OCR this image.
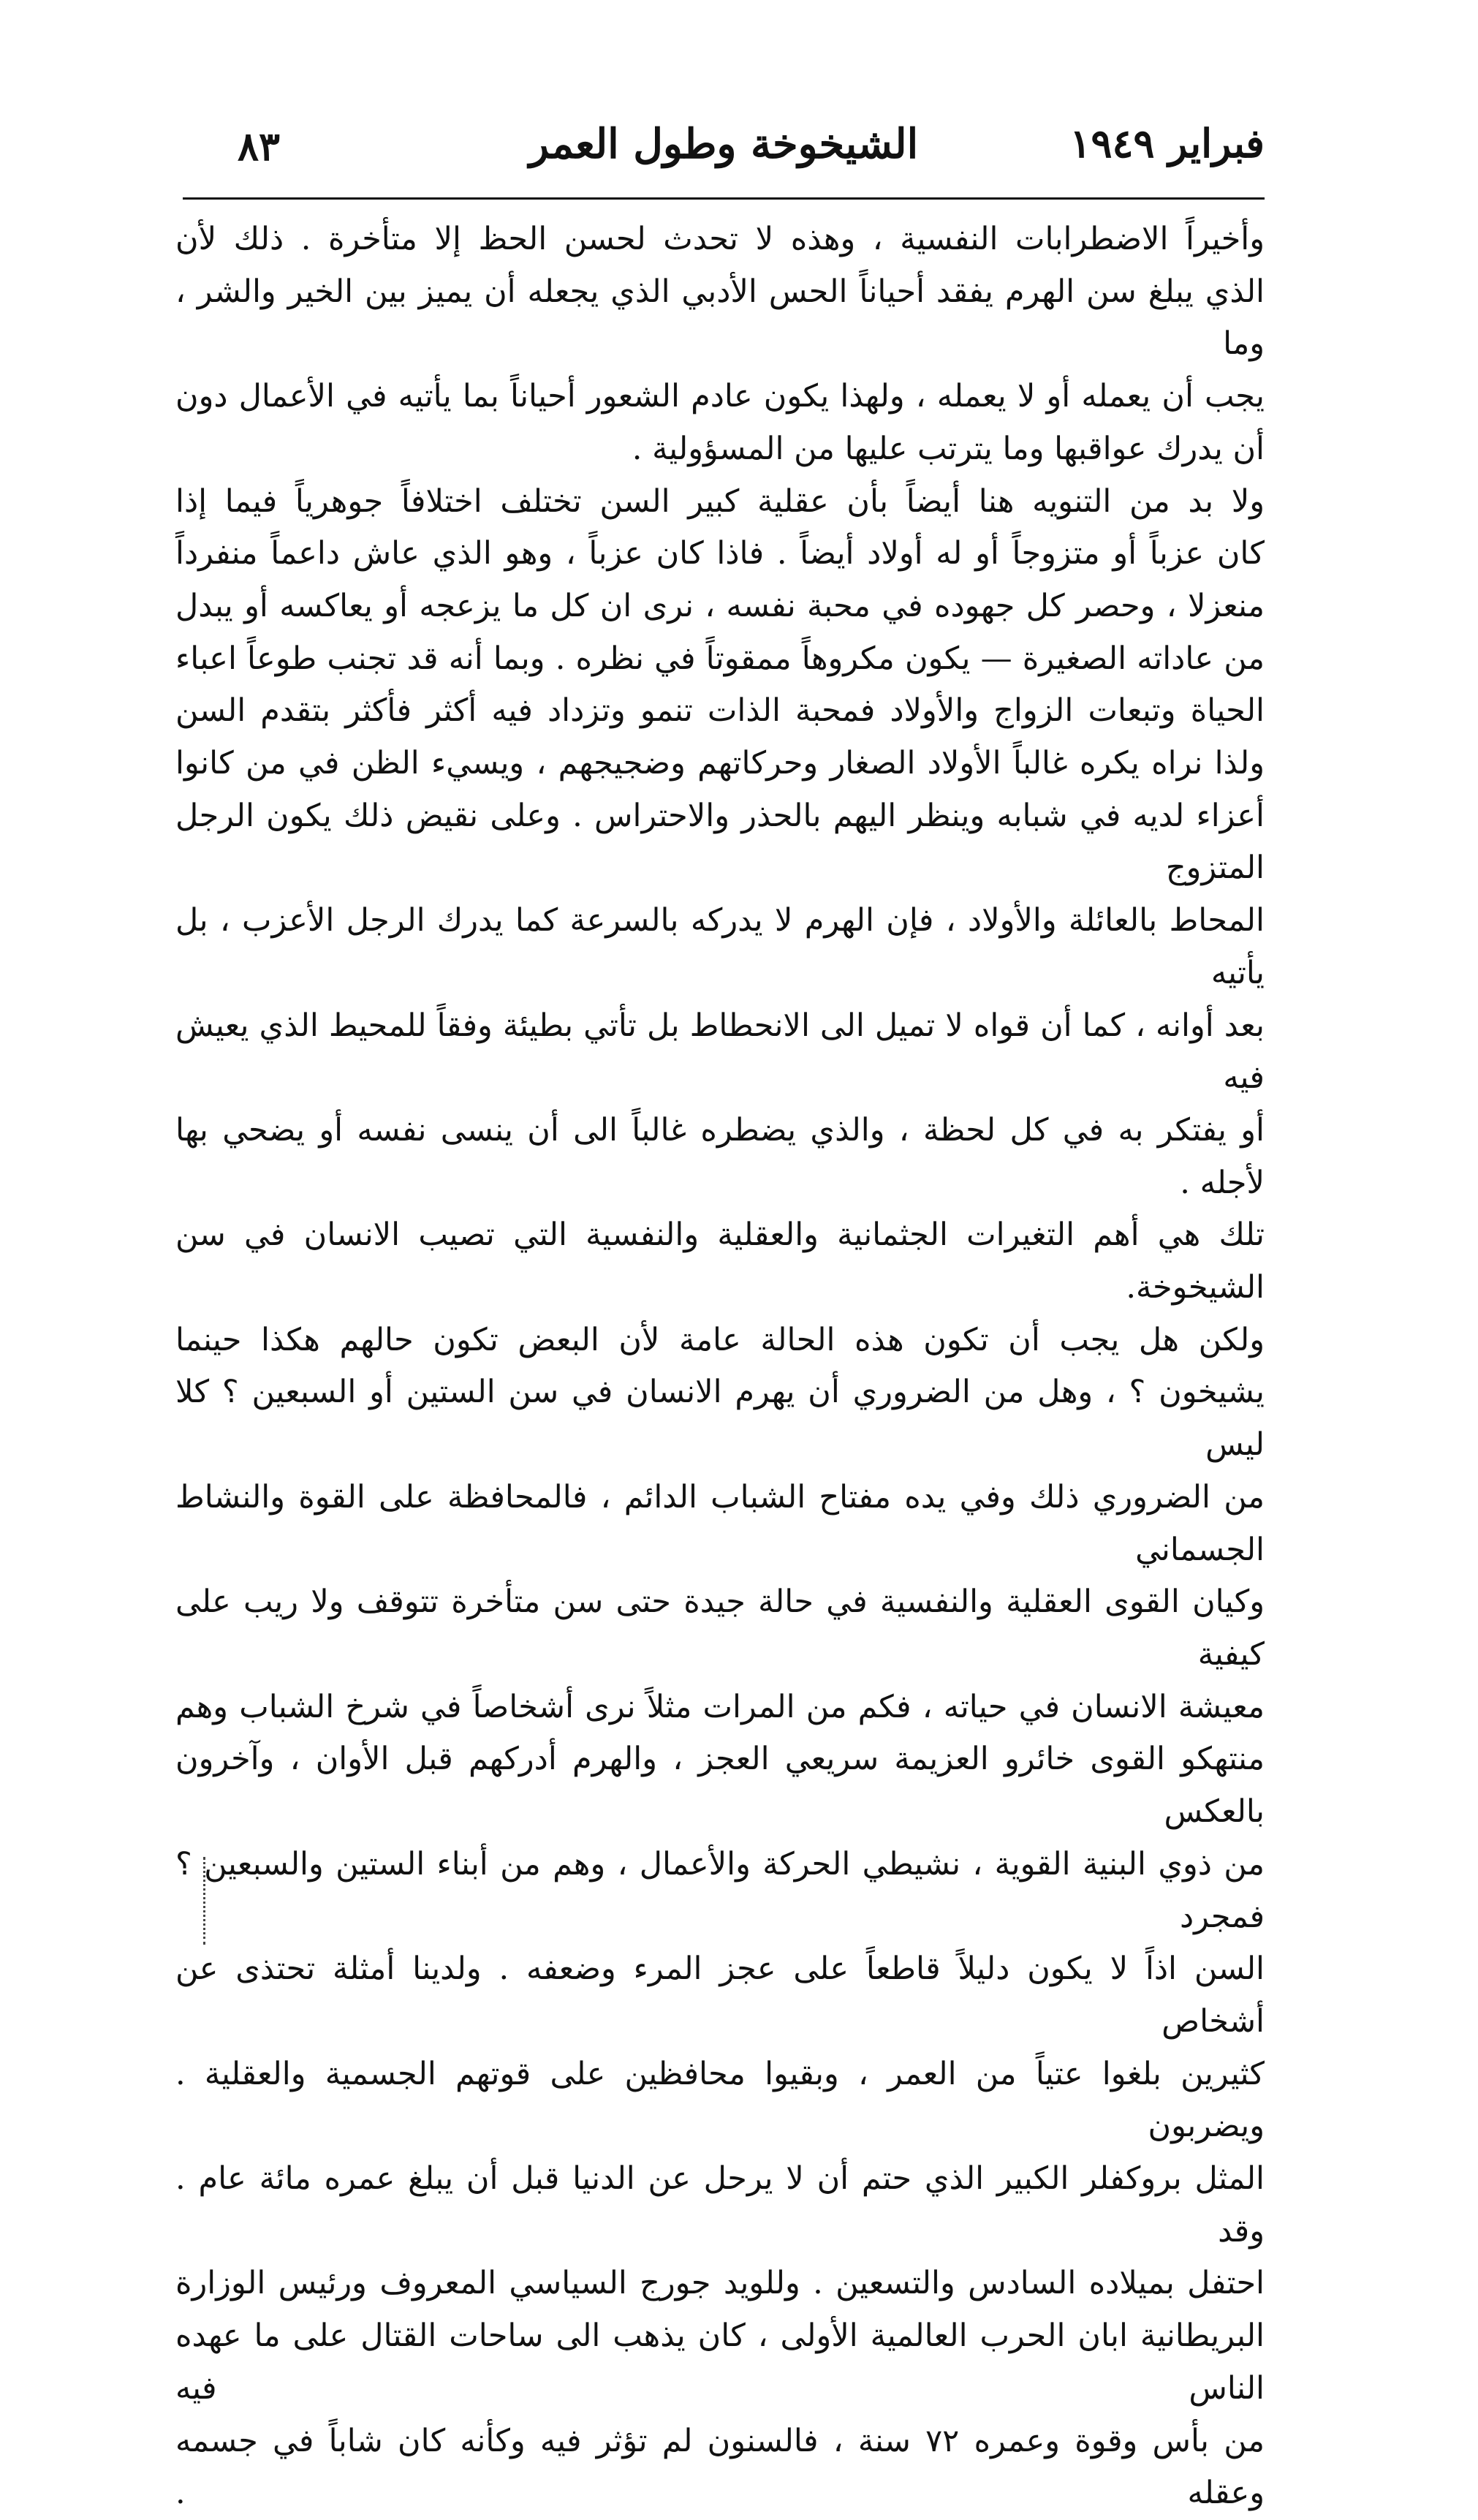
٨٣	الشيخوخة وطول العمر	فبراير ١٩٤٩

وأخيراً الاضطرابات النفسية ، وهذه لا تحدث لحسن الحظ إلا متأخرة . ذلك لأن

الذي يبلغ سن الهرم يفقد أحياناً الحس الأدبي الذي يجعله أن يميز بين الخير والشر ، وما

يجب أن يعمله أو لا يعمله ، ولهذا يكون عادم الشعور أحياناً بما يأتيه في الأعمال دون

أن يدرك عواقبها وما يترتب عليها من المسؤولية .

ولا بد من التنويه هنا أيضاً بأن عقلية كبير السن تختلف اختلافاً جوهرياً فيما إذا

كان عزباً أو متزوجاً أو له أولاد أيضاً . فاذا كان عزباً ، وهو الذي عاش داعماً منفرداً

منعزلا ، وحصر كل جهوده في محبة نفسه ، نرى ان كل ما يزعجه أو يعاكسه أو يبدل

من عاداته الصغيرة — يكون مكروهاً ممقوتاً في نظره . وبما أنه قد تجنب طوعاً اعباء

الحياة وتبعات الزواج والأولاد فمحبة الذات تنمو وتزداد فيه أكثر فأكثر بتقدم السن

ولذا نراه يكره غالباً الأولاد الصغار وحركاتهم وضجيجهم ، ويسيء الظن في من كانوا

أعزاء لديه في شبابه وينظر اليهم بالحذر والاحتراس . وعلى نقيض ذلك يكون الرجل المتزوج

المحاط بالعائلة والأولاد ، فإن الهرم لا يدركه بالسرعة كما يدرك الرجل الأعزب ، بل يأتيه

بعد أوانه ، كما أن قواه لا تميل الى الانحطاط بل تأتي بطيئة وفقاً للمحيط الذي يعيش فيه

أو يفتكر به في كل لحظة ، والذي يضطره غالباً الى أن ينسى نفسه أو يضحي بها لأجله .

تلك هي أهم التغيرات الجثمانية والعقلية والنفسية التي تصيب الانسان في سن الشيخوخة.

ولكن هل يجب أن تكون هذه الحالة عامة لأن البعض تكون حالهم هكذا حينما

يشيخون ؟ ، وهل من الضروري أن يهرم الانسان في سن الستين أو السبعين ؟ كلا ليس

من الضروري ذلك وفي يده مفتاح الشباب الدائم ، فالمحافظة على القوة والنشاط الجسماني

وكيان القوى العقلية والنفسية في حالة جيدة حتى سن متأخرة تتوقف ولا ريب على كيفية

معيشة الانسان في حياته ، فكم من المرات مثلاً نرى أشخاصاً في شرخ الشباب وهم

منتهكو القوى خائرو العزيمة سريعي العجز ، والهرم أدركهم قبل الأوان ، وآخرون بالعكس

من ذوي البنية القوية ، نشيطي الحركة والأعمال ، وهم من أبناء الستين والسبعين ؟ فمجرد

السن اذاً لا يكون دليلاً قاطعاً على عجز المرء وضعفه . ولدينا أمثلة تحتذى عن أشخاص

كثيرين بلغوا عتياً من العمر ، وبقيوا محافظين على قوتهم الجسمية والعقلية . ويضربون

المثل بروكفلر الكبير الذي حتم أن لا يرحل عن الدنيا قبل أن يبلغ عمره مائة عام . وقد

احتفل بميلاده السادس والتسعين . وللويد جورج السياسي المعروف ورئيس الوزارة

البريطانية ابان الحرب العالمية الأولى ، كان يذهب الى ساحات القتال على ما عهده الناس فيه

من بأس وقوة وعمره ٧٢ سنة ، فالسنون لم تؤثر فيه وكأنه كان شاباً في جسمه وعقله .
